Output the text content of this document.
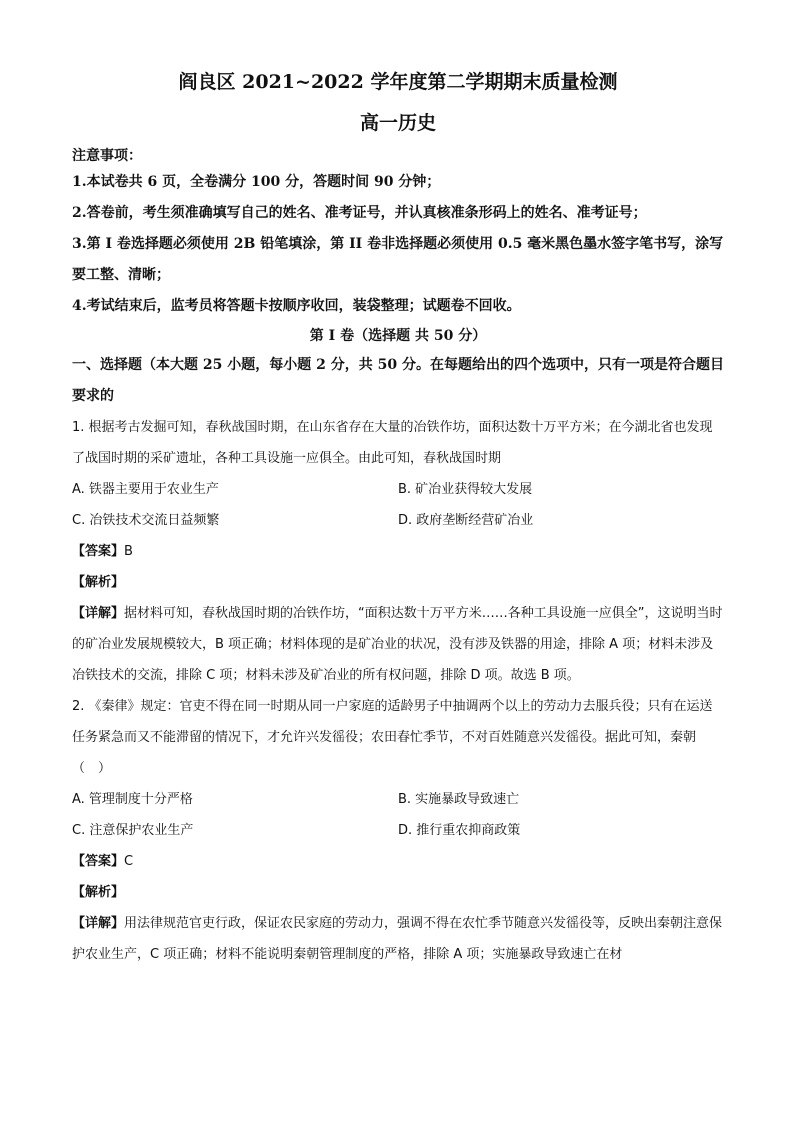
阎良区 2021~2022 学年度第二学期期末质量检测

高一历史

注意事项：

1.本试卷共 6 页，全卷满分 100 分，答题时间 90 分钟；

2.答卷前，考生须准确填写自己的姓名、准考证号，并认真核准条形码上的姓名、准考证号；

3.第 I 卷选择题必须使用 2B 铅笔填涂，第 II 卷非选择题必须使用 0.5 毫米黑色墨水签字笔书写，涂写要工整、清晰；

4.考试结束后，监考员将答题卡按顺序收回，装袋整理；试题卷不回收。

第 I 卷（选择题 共 50 分）

一、选择题（本大题 25 小题，每小题 2 分，共 50 分。在每题给出的四个选项中，只有一项是符合题目要求的

1. 根据考古发掘可知，春秋战国时期，在山东省存在大量的冶铁作坊，面积达数十万平方米；在今湖北省也发现了战国时期的采矿遗址，各种工具设施一应俱全。由此可知，春秋战国时期

A. 铁器主要用于农业生产	B. 矿冶业获得较大发展
C. 冶铁技术交流日益频繁	D. 政府垄断经营矿冶业

【答案】B

【解析】

【详解】据材料可知，春秋战国时期的冶铁作坊，“面积达数十万平方米……各种工具设施一应俱全”，这说明当时的矿冶业发展规模较大，B 项正确；材料体现的是矿冶业的状况，没有涉及铁器的用途，排除 A 项；材料未涉及冶铁技术的交流，排除 C 项；材料未涉及矿冶业的所有权问题，排除 D 项。故选 B 项。

2. 《秦律》规定：官吏不得在同一时期从同一户家庭的适龄男子中抽调两个以上的劳动力去服兵役；只有在运送任务紧急而又不能滞留的情况下，才允许兴发徭役；农田春忙季节，不对百姓随意兴发徭役。据此可知，秦朝（　）

A. 管理制度十分严格	B. 实施暴政导致速亡
C. 注意保护农业生产	D. 推行重农抑商政策

【答案】C

【解析】

【详解】用法律规范官吏行政，保证农民家庭的劳动力，强调不得在农忙季节随意兴发徭役等，反映出秦朝注意保护农业生产，C 项正确；材料不能说明秦朝管理制度的严格，排除 A 项；实施暴政导致速亡在材
